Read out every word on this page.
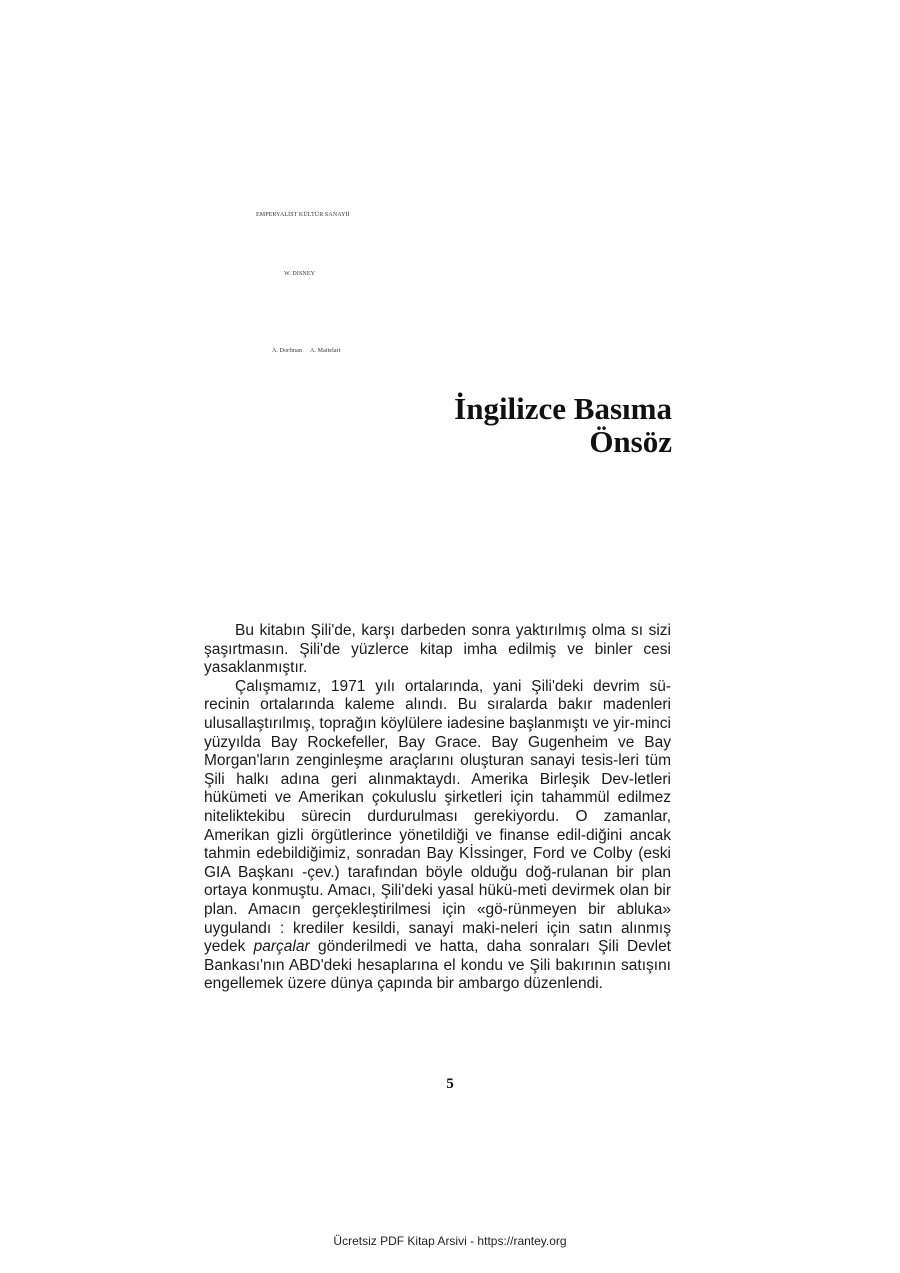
EMPERYALİST KÜLTÜR SANAYİİ
W. DISNEY
A. Dorfman A. Mattelart
İngilizce Basıma
Önsöz

Bu kitabın Şili'de, karşı darbeden sonra yaktırılmış olma sı sizi şaşırtmasın. Şili'de yüzlerce kitap imha edilmiş ve binler cesi yasaklanmıştır.

Çalışmamız, 1971 yılı ortalarında, yani Şili'deki devrim sü-recinin ortalarında kaleme alındı. Bu sıralarda bakır madenleri ulusallaştırılmış, toprağın köylülere iadesine başlanmıştı ve yir-minci yüzyılda Bay Rockefeller, Bay Grace. Bay Gugenheim ve Bay Morgan'ların zenginleşme araçlarını oluşturan sanayi tesis-leri tüm Şili halkı adına geri alınmaktaydı. Amerika Birleşik Dev-letleri hükümeti ve Amerikan çokuluslu şirketleri için tahammül edilmez niteliktekibu sürecin durdurulması gerekiyordu. O zamanlar, Amerikan gizli örgütlerince yönetildiği ve finanse edil-diğini ancak tahmin edebildiğimiz, sonradan Bay Kİssinger, Ford ve Colby (eski GIA Başkanı -çev.) tarafından böyle olduğu doğ-rulanan bir plan ortaya konmuştu. Amacı, Şili'deki yasal hükü-meti devirmek olan bir plan. Amacın gerçekleştirilmesi için «gö-rünmeyen bir abluka» uygulandı : krediler kesildi, sanayi maki-neleri için satın alınmış yedek parçalar gönderilmedi ve hatta, daha sonraları Şili Devlet Bankası'nın ABD'deki hesaplarına el kondu ve Şili bakırının satışını engellemek üzere dünya çapında bir ambargo düzenlendi.

5
Ücretsiz PDF Kitap Arsivi - https://rantey.org
